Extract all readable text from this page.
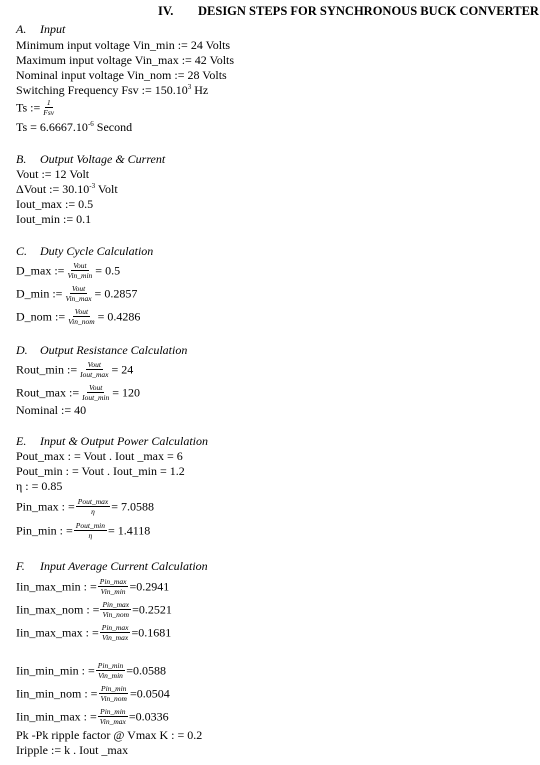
IV. DESIGN STEPS FOR SYNCHRONOUS BUCK CONVERTER
A. Input
Minimum input voltage Vin_min := 24 Volts
Maximum input voltage Vin_max := 42 Volts
Nominal input voltage Vin_nom := 28 Volts
Switching Frequency Fsv := $150.10^3$ Hz
Ts := $\frac{1}{\text{Fsv}}$
$Ts = 6.6667.10^{-6}$ Second
B. Output Voltage & Current
Vout := 12 Volt
ΔVout := $30.10^{-3}$ Volt
Iout_max := 0.5
Iout_min := 0.1
C. Duty Cycle Calculation
D_max := $\frac{\text{Vout}}{\text{Vin\_min}} = 0.5$
D_min := $\frac{\text{Vout}}{\text{Vin\_max}} = 0.2857$
D_nom := $\frac{\text{Vout}}{\text{Vin\_nom}} = 0.4286$
D. Output Resistance Calculation
Rout_min := $\frac{\text{Vout}}{\text{Iout\_max}} = 24$
Rout_max := $\frac{\text{Vout}}{\text{Iout\_min}} = 120$
Nominal := 40
E. Input & Output Power Calculation
Pout_max : = Vout . Iout _max = 6
Pout_min : = Vout . Iout_min = 1.2
η : = 0.85
Pin_max : = $\frac{\text{Pout\_max}}{\eta} = 7.0588$
Pin_min : = $\frac{\text{Pout\_min}}{\eta} = 1.4118$
F. Input Average Current Calculation
Iin_max_min : = $\frac{\text{Pin\_max}}{\text{Vin\_min}} =0.2941$
Iin_max_nom : = $\frac{\text{Pin\_max}}{\text{Vin\_nom}} =0.2521$
Iin_max_max : = $\frac{\text{Pin\_max}}{\text{Vin\_max}} =0.1681$
Iin_min_min : = $\frac{\text{Pin\_min}}{\text{Vin\_min}} =0.0588$
Iin_min_nom : = $\frac{\text{Pin\_min}}{\text{Vin\_nom}} =0.0504$
Iin_min_max : = $\frac{\text{Pin\_min}}{\text{Vin\_max}} =0.0336$
Pk -Pk ripple factor @ Vmax K : = 0.2
Iripple := k . Iout _max
